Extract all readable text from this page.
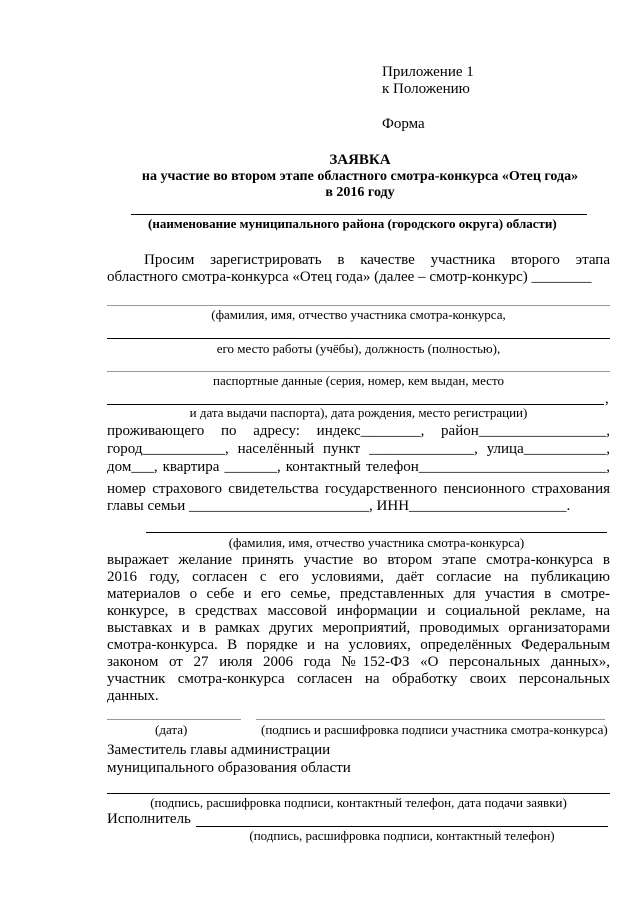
Приложение 1
к Положению
Форма
ЗАЯВКА
на участие во втором этапе областного смотра-конкурса «Отец года»
в 2016 году
(наименование муниципального района (городского округа) области)
Просим зарегистрировать в качестве участника второго этапа
областного смотра-конкурса «Отец года» (далее – смотр-конкурс) ________
(фамилия, имя, отчество участника смотра-конкурса,
его место работы (учёбы), должность (полностью),
паспортные данные (серия, номер, кем выдан, место
,
и дата выдачи паспорта), дата рождения, место регистрации)
проживающего по адресу: индекс________, район_________________,
город___________, населённый пункт ______________, улица___________,
дом___, квартира _______, контактный телефон_________________________,
номер страхового свидетельства государственного пенсионного страхования
главы семьи ________________________, ИНН_____________________.
(фамилия, имя, отчество участника смотра-конкурса)
выражает желание принять участие во втором этапе смотра-конкурса в
2016 году, согласен с его условиями, даёт согласие на публикацию
материалов о себе и его семье, представленных для участия в смотре-
конкурсе, в средствах массовой информации и социальной рекламе, на
выставках и в рамках других мероприятий, проводимых организаторами
смотра-конкурса. В порядке и на условиях, определённых Федеральным
законом от 27 июля 2006 года №152-ФЗ «О персональных данных»,
участник смотра-конкурса согласен на обработку своих персональных
данных.
(дата)	(подпись и расшифровка подписи участника смотра-конкурса)
Заместитель главы администрации
муниципального образования области
(подпись, расшифровка подписи, контактный телефон, дата подачи заявки)
Исполнитель
(подпись, расшифровка подписи, контактный телефон)
